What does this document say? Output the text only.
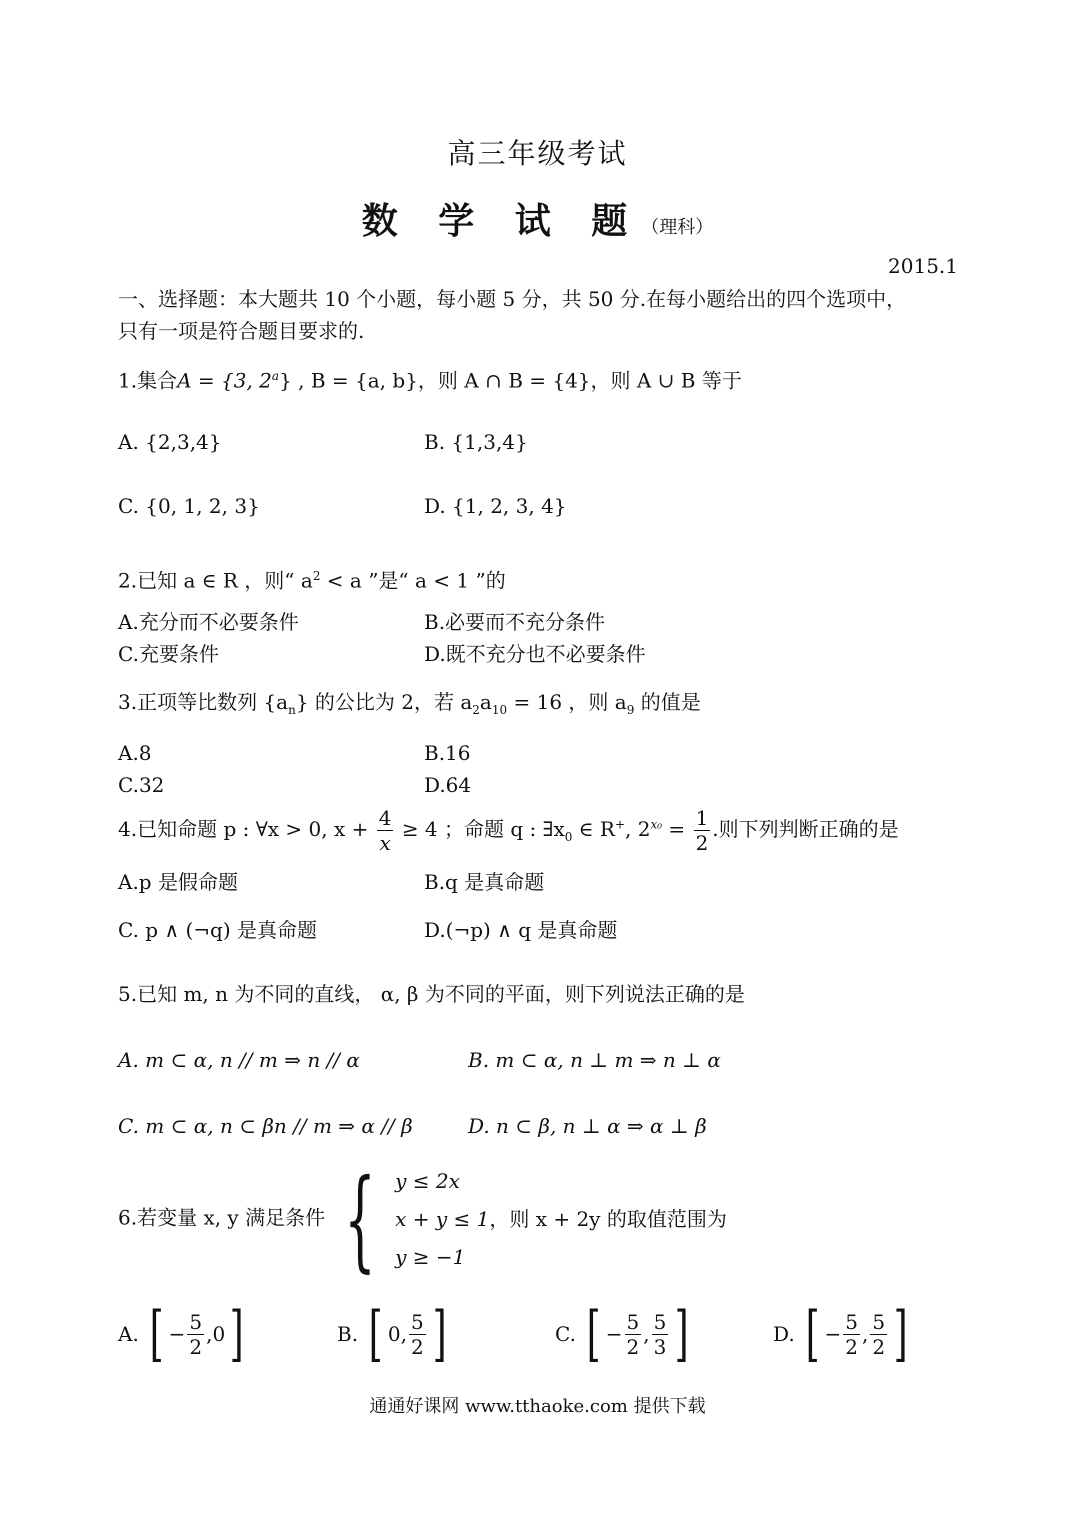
高三年级考试
数 学 试 题（理科）
2015.1
一、选择题：本大题共 10 个小题，每小题 5 分，共 50 分.在每小题给出的四个选项中，
只有一项是符合题目要求的.
1.集合A = {3, 2$^a$} , B = {a, b}，则 A ∩ B = {4}，则 A ∪ B 等于
A. {2,3,4}	B. {1,3,4}
C. {0, 1, 2, 3}	D. {1, 2, 3, 4}
2.已知 a ∈ R ，则“ $a^2 < a$ ”是“ a < 1 ”的
A.充分而不必要条件	B.必要而不充分条件
C.充要条件	D.既不充分也不必要条件
3.正项等比数列 $\{a_n\}$ 的公比为 2，若 $a_2a_{10} = 16$ ，则 $a_9$ 的值是
A.8	B.16
C.32	D.64
4.已知命题 p : ∀x > 0, $x + \frac{4}{x} \ge 4$ ；命题 q : $\exists x_0$ ∈ R+, $2^{x_0} = \frac{1}{2}$ .则下列判断正确的是
A.p 是假命题	B.q 是真命题
C. p ∧ (¬q) 是真命题	D.(¬p) ∧ q 是真命题
5.已知 m, n 为不同的直线， α, β 为不同的平面，则下列说法正确的是
A. m ⊂ α, n // m ⇒ n // α	B. m ⊂ α, n ⊥ m ⇒ n ⊥ α
C. m ⊂ α, n ⊂ βn // m ⇒ α // β	D. n ⊂ β, n ⊥ α ⇒ α ⊥ β
6.若变量 x, y 满足条件 { y ≤ 2x
x + y ≤ 1
y ≥ −1
，则 x + 2y 的取值范围为
A. [ − $\frac{5}{2} ,0$]	B. [ 0, $\frac{5}{2}$ ]	C. [ − $\frac{5}{2}$ , $\frac{5}{3}$ ]	D. [ − $\frac{5}{2}$ , $\frac{5}{2}$ ]
通通好课网 www.tthaoke.com 提供下载
